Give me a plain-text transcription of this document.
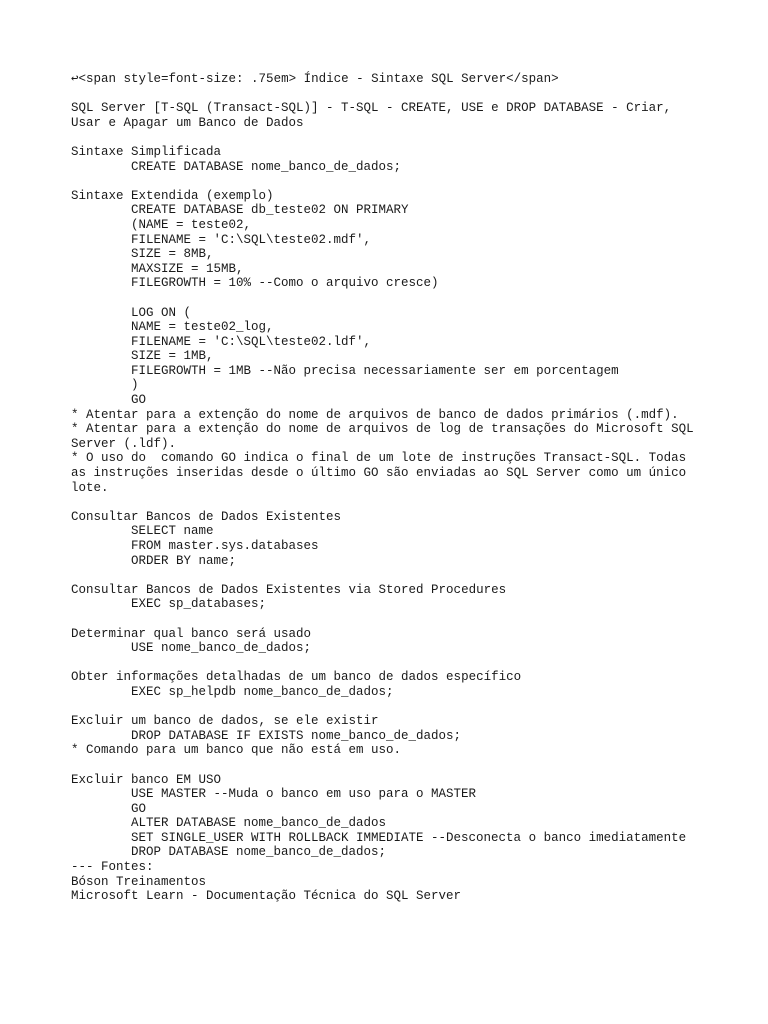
↩<span style=font-size: .75em> Índice - Sintaxe SQL Server</span>
SQL Server [T-SQL (Transact-SQL)] - T-SQL - CREATE, USE e DROP DATABASE - Criar,
Usar e Apagar um Banco de Dados
Sintaxe Simplificada
CREATE DATABASE nome_banco_de_dados;
Sintaxe Extendida (exemplo)
CREATE DATABASE db_teste02 ON PRIMARY
(NAME = teste02,
FILENAME = 'C:\SQL\teste02.mdf',
SIZE = 8MB,
MAXSIZE = 15MB,
FILEGROWTH = 10% --Como o arquivo cresce)
LOG ON (
NAME = teste02_log,
FILENAME = 'C:\SQL\teste02.ldf',
SIZE = 1MB,
FILEGROWTH = 1MB --Não precisa necessariamente ser em porcentagem
)
GO
* Atentar para a extenção do nome de arquivos de banco de dados primários (.mdf).
* Atentar para a extenção do nome de arquivos de log de transações do Microsoft SQL
Server (.ldf).
* O uso do  comando GO indica o final de um lote de instruções Transact-SQL. Todas
as instruções inseridas desde o último GO são enviadas ao SQL Server como um único
lote.
Consultar Bancos de Dados Existentes
SELECT name
FROM master.sys.databases
ORDER BY name;
Consultar Bancos de Dados Existentes via Stored Procedures
EXEC sp_databases;
Determinar qual banco será usado
USE nome_banco_de_dados;
Obter informações detalhadas de um banco de dados específico
EXEC sp_helpdb nome_banco_de_dados;
Excluir um banco de dados, se ele existir
DROP DATABASE IF EXISTS nome_banco_de_dados;
* Comando para um banco que não está em uso.
Excluir banco EM USO
USE MASTER --Muda o banco em uso para o MASTER
GO
ALTER DATABASE nome_banco_de_dados
SET SINGLE_USER WITH ROLLBACK IMMEDIATE --Desconecta o banco imediatamente
DROP DATABASE nome_banco_de_dados;
--- Fontes:
Bóson Treinamentos
Microsoft Learn - Documentação Técnica do SQL Server
